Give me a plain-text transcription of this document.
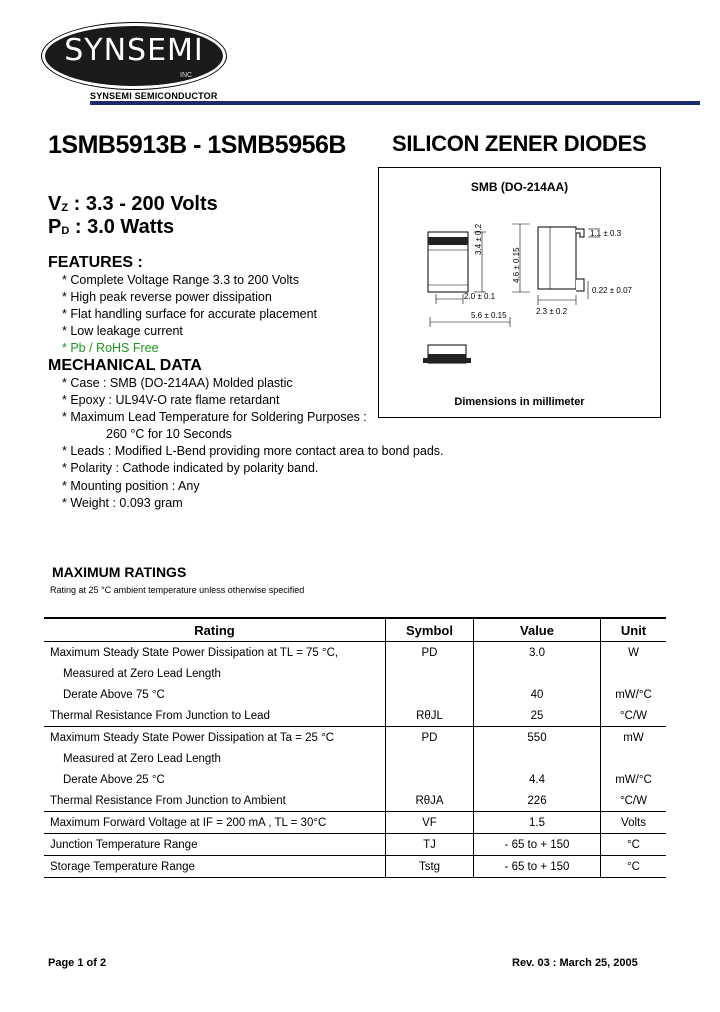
SYNSEMI
INC
SYNSEMI SEMICONDUCTOR
1SMB5913B - 1SMB5956B SILICON ZENER DIODES
$V_Z$ : 3.3 - 200 Volts
$P_D$ : 3.0 Watts
FEATURES :
* Complete Voltage Range 3.3 to 200 Volts
* High peak reverse power dissipation
* Flat handling surface for accurate placement
* Low leakage current
* Pb / RoHS Free
MECHANICAL DATA
* Case : SMB (DO-214AA) Molded plastic
* Epoxy : UL94V-O rate flame retardant
* Maximum Lead Temperature for Soldering Purposes :
260 °C for 10 Seconds
* Leads : Modified L-Bend providing more contact area to bond pads.
* Polarity : Cathode indicated by polarity band.
* Mounting position : Any
* Weight : 0.093 gram
SMB (DO-214AA)
3.4 ± 0.2
4.6 ± 0.15
2.0 ± 0.1
5.6 ± 0.15
1.1 ± 0.3
0.22 ± 0.07
2.3 ± 0.2
Dimensions in millimeter
MAXIMUM RATINGS
Rating at 25 °C ambient temperature unless otherwise specified
Rating	Symbol	Value	Unit
Maximum Steady State Power Dissipation at TL = 75 °C,	PD	3.0	W
Measured at Zero Lead Length			
Derate Above 75 °C		40	mW/°C
Thermal Resistance From Junction to Lead	RθJL	25	°C/W
Maximum Steady State Power Dissipation at Ta = 25 °C	PD	550	mW
Measured at Zero Lead Length			
Derate Above 25 °C		4.4	mW/°C
Thermal Resistance From Junction to Ambient	RθJA	226	°C/W
Maximum Forward Voltage at IF = 200 mA , TL = 30°C	VF	1.5	Volts
Junction Temperature Range	TJ	- 65 to + 150	°C
Storage Temperature Range	Tstg	- 65 to + 150	°C
Page 1 of 2	Rev. 03 : March 25, 2005
